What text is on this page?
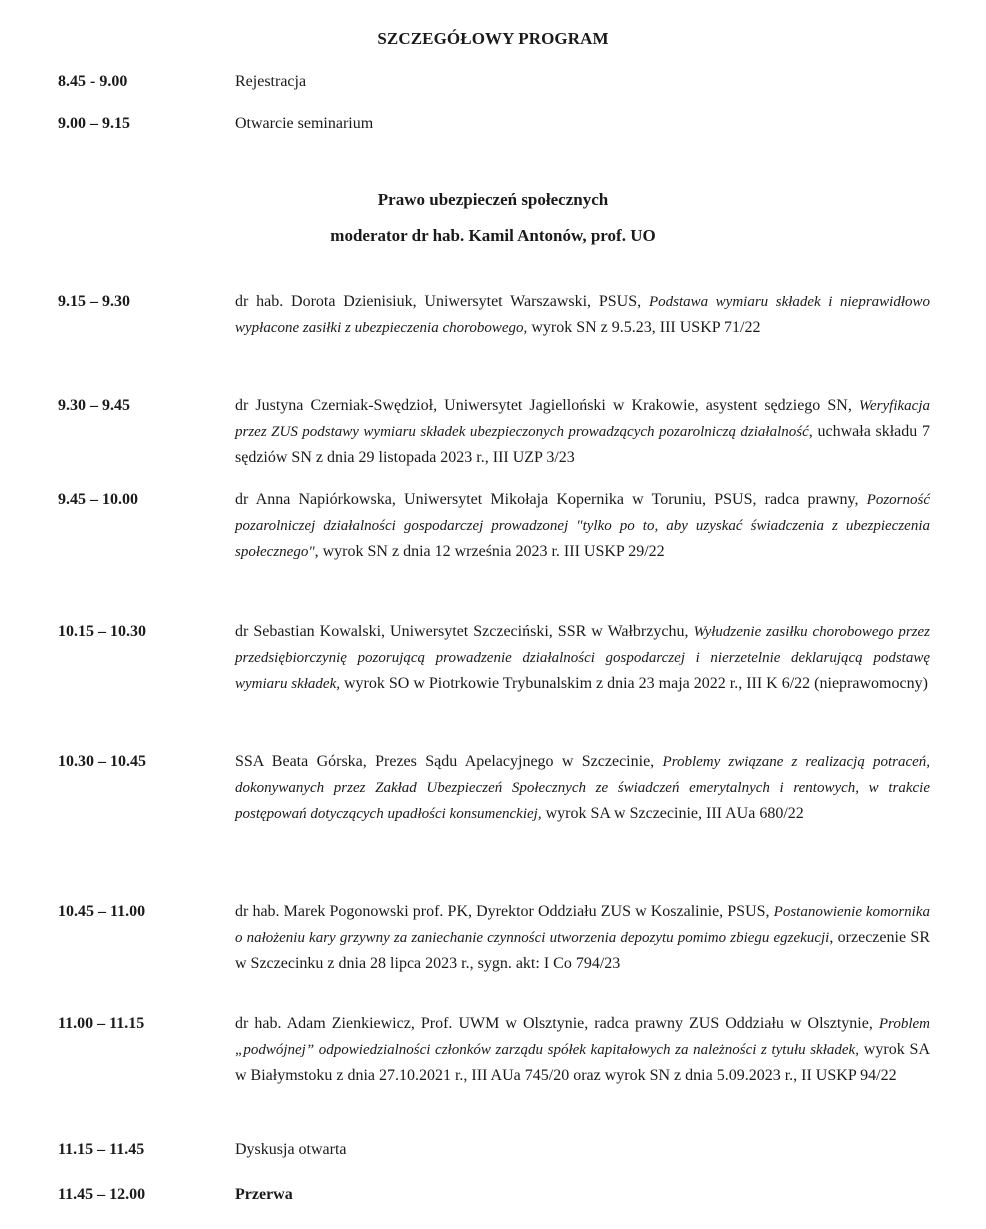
SZCZEGÓŁOWY PROGRAM
8.45 - 9.00	Rejestracja
9.00 – 9.15	Otwarcie seminarium
Prawo ubezpieczeń społecznych
moderator dr hab. Kamil Antonów, prof. UO
9.15 – 9.30	dr hab. Dorota Dzienisiuk, Uniwersytet Warszawski, PSUS, Podstawa wymiaru składek i nieprawidłowo wypłacone zasiłki z ubezpieczenia chorobowego, wyrok SN z 9.5.23, III USKP 71/22
9.30 – 9.45	dr Justyna Czerniak-Swędzioł, Uniwersytet Jagielloński w Krakowie, asystent sędziego SN, Weryfikacja przez ZUS podstawy wymiaru składek ubezpieczonych prowadzących pozarolniczą działalność, uchwała składu 7 sędziów SN z dnia 29 listopada 2023 r., III UZP 3/23
9.45 – 10.00	dr Anna Napiórkowska, Uniwersytet Mikołaja Kopernika w Toruniu, PSUS, radca prawny, Pozorność pozarolniczej działalności gospodarczej prowadzonej "tylko po to, aby uzyskać świadczenia z ubezpieczenia społecznego", wyrok SN z dnia 12 września 2023 r. III USKP 29/22
10.15 – 10.30	dr Sebastian Kowalski, Uniwersytet Szczeciński, SSR w Wałbrzychu, Wyłudzenie zasiłku chorobowego przez przedsiębiorczynię pozorującą prowadzenie działalności gospodarczej i nierzetelnie deklarującą podstawę wymiaru składek, wyrok SO w Piotrkowie Trybunalskim z dnia 23 maja 2022 r., III K 6/22 (nieprawomocny)
10.30 – 10.45	SSA Beata Górska, Prezes Sądu Apelacyjnego w Szczecinie, Problemy związane z realizacją potraceń, dokonywanych przez Zakład Ubezpieczeń Społecznych ze świadczeń emerytalnych i rentowych, w trakcie postępowań dotyczących upadłości konsumenckiej, wyrok SA w Szczecinie, III AUa 680/22
10.45 – 11.00	dr hab. Marek Pogonowski prof. PK, Dyrektor Oddziału ZUS w Koszalinie, PSUS, Postanowienie komornika o nałożeniu kary grzywny za zaniechanie czynności utworzenia depozytu pomimo zbiegu egzekucji, orzeczenie SR w Szczecinku z dnia 28 lipca 2023 r., sygn. akt: I Co 794/23
11.00 – 11.15	dr hab. Adam Zienkiewicz, Prof. UWM w Olsztynie, radca prawny ZUS Oddziału w Olsztynie, Problem „podwójnej” odpowiedzialności członków zarządu spółek kapitałowych za należności z tytułu składek, wyrok SA w Białymstoku z dnia 27.10.2021 r., III AUa 745/20 oraz wyrok SN z dnia 5.09.2023 r., II USKP 94/22
11.15 – 11.45	Dyskusja otwarta
11.45 – 12.00	Przerwa
